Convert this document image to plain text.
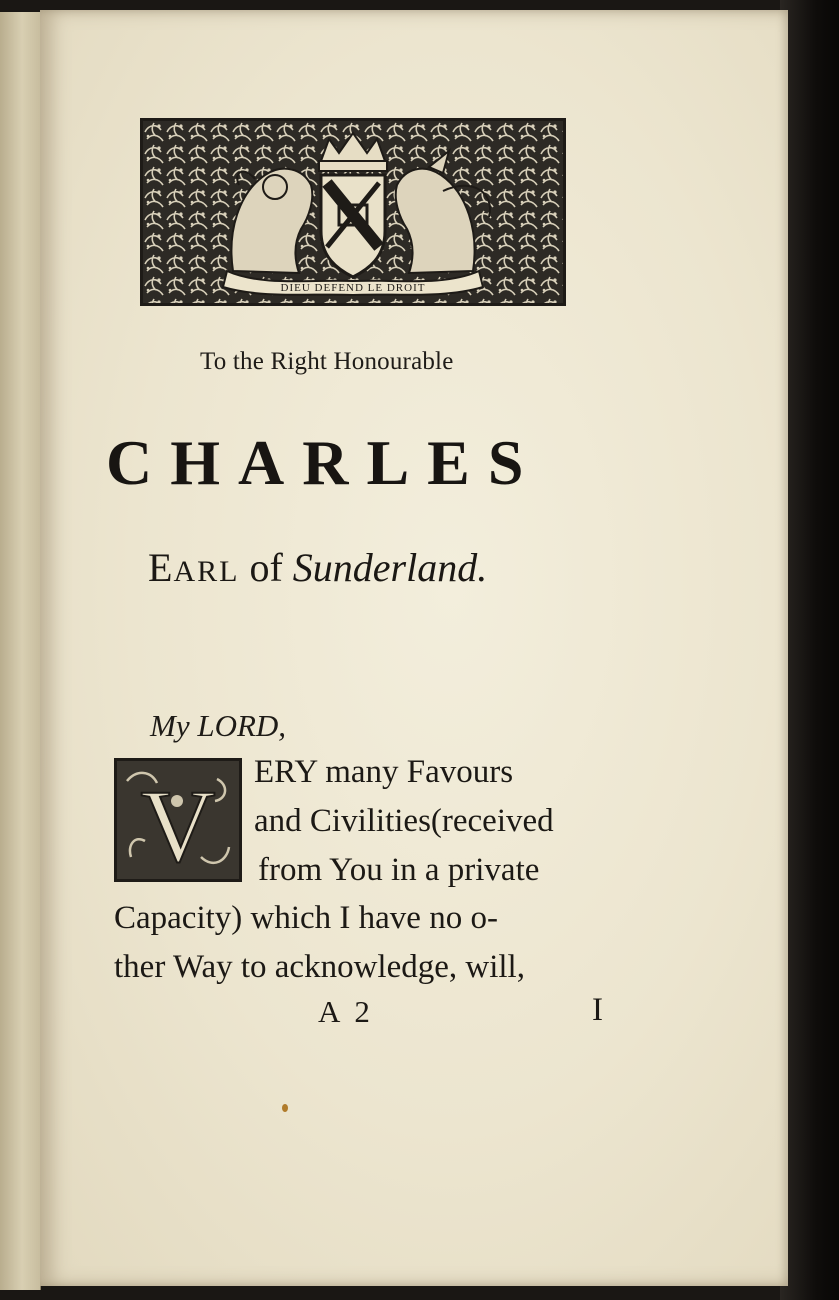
DIEU DEFEND LE DROIT
To the Right Honourable
CHARLES
EARL of Sunderland.
My LORD,
V ERY many Favours
and Civilities(received
from You in a private
Capacity) which I have no o-
ther Way to acknowledge, will,
A 2	I
